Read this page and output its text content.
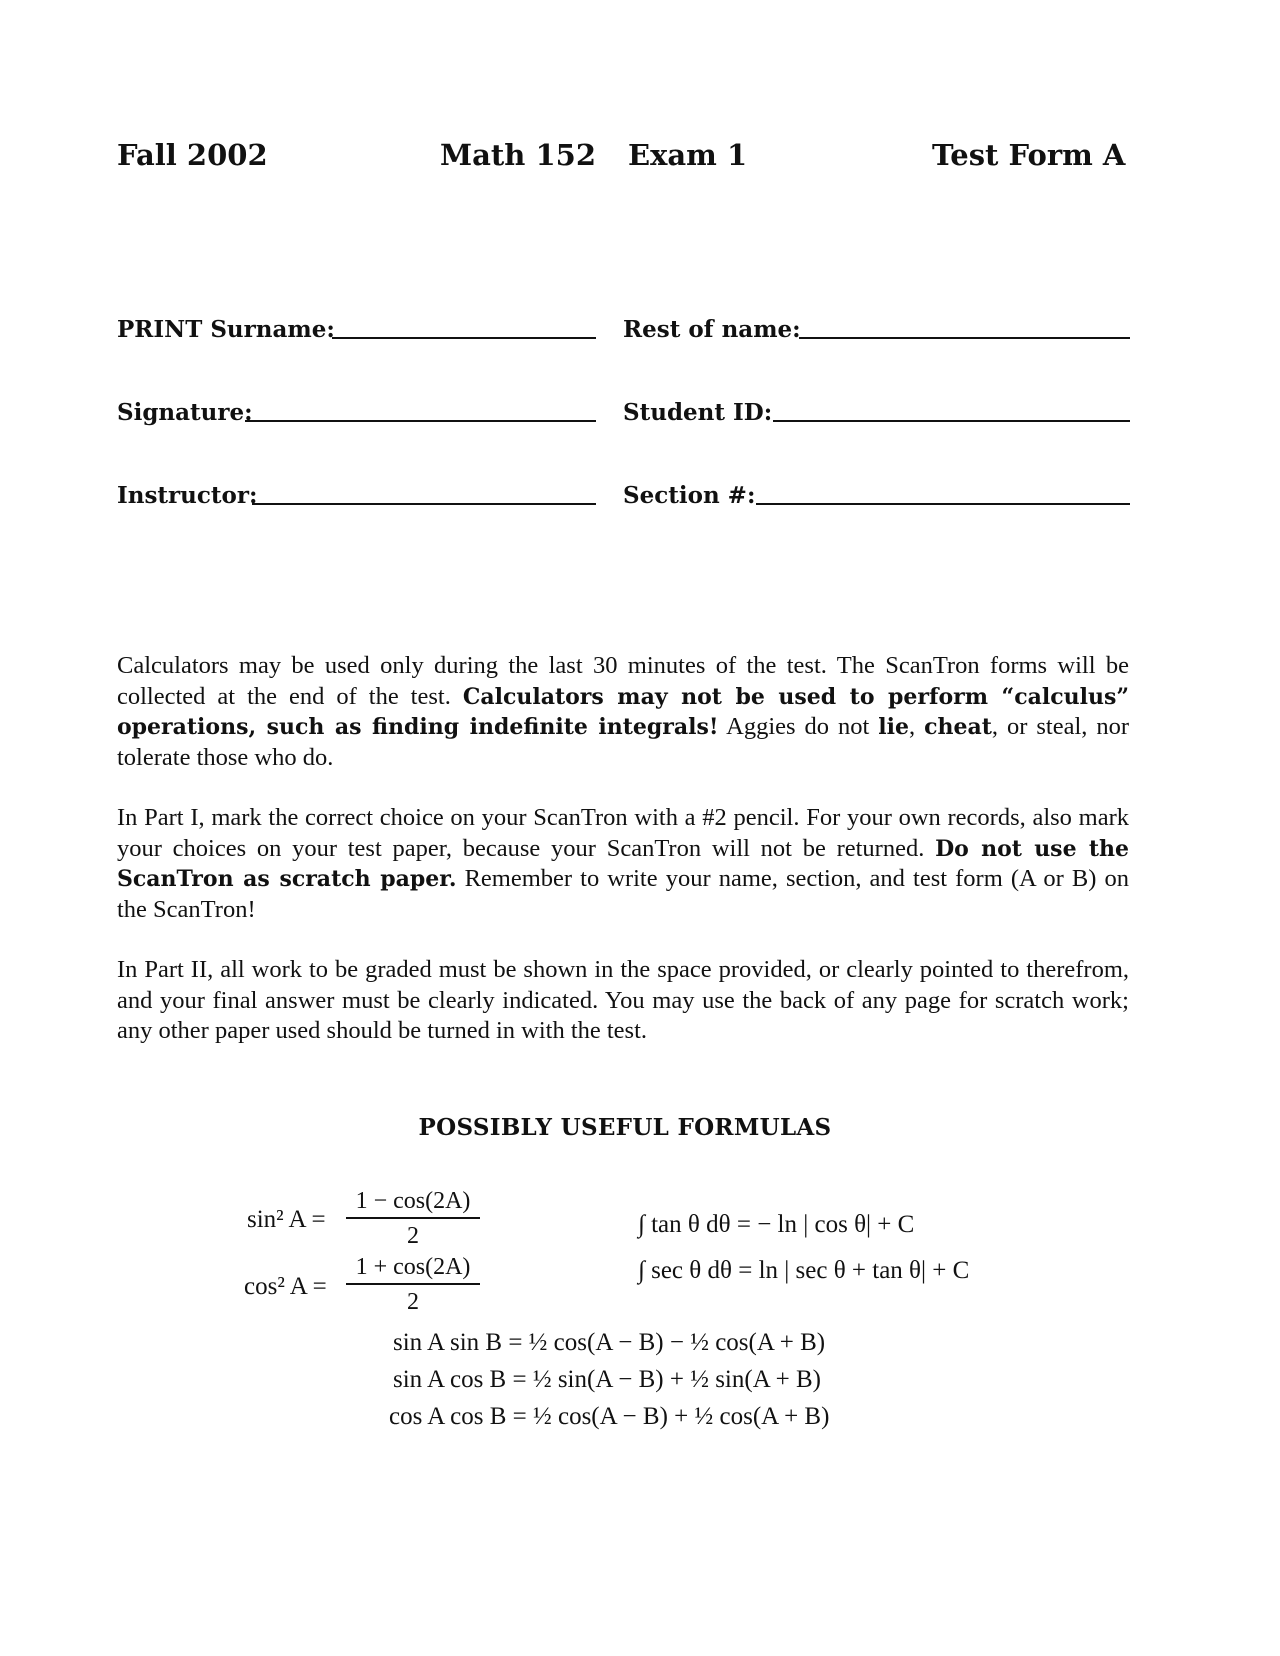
Fall 2002	Math 152 Exam 1	Test Form A
PRINT Surname:	Rest of name:
Signature:	Student ID:
Instructor:	Section #:
Calculators may be used only during the last 30 minutes of the test. The ScanTron forms will be collected at the end of the test. Calculators may not be used to perform “calculus” operations, such as finding indefinite integrals! Aggies do not lie, cheat, or steal, nor tolerate those who do.
In Part I, mark the correct choice on your ScanTron with a #2 pencil. For your own records, also mark your choices on your test paper, because your ScanTron will not be returned. Do not use the ScanTron as scratch paper. Remember to write your name, section, and test form (A or B) on the ScanTron!
In Part II, all work to be graded must be shown in the space provided, or clearly pointed to therefrom, and your final answer must be clearly indicated. You may use the back of any page for scratch work; any other paper used should be turned in with the test.
POSSIBLY USEFUL FORMULAS
sin² $A = \frac{1 - \cos(2A)}{2}$
cos² $A = \frac{1 + \cos(2A)}{2}$
∫ tan θ dθ = − ln | cos θ| + C
∫ sec θ dθ = ln | sec θ + tan θ| + C
sin A sin B = ½ cos(A − B) − ½ cos(A + B)
sin A cos B = ½ sin(A − B) + ½ sin(A + B)
cos A cos B = ½ cos(A − B) + ½ cos(A + B)
